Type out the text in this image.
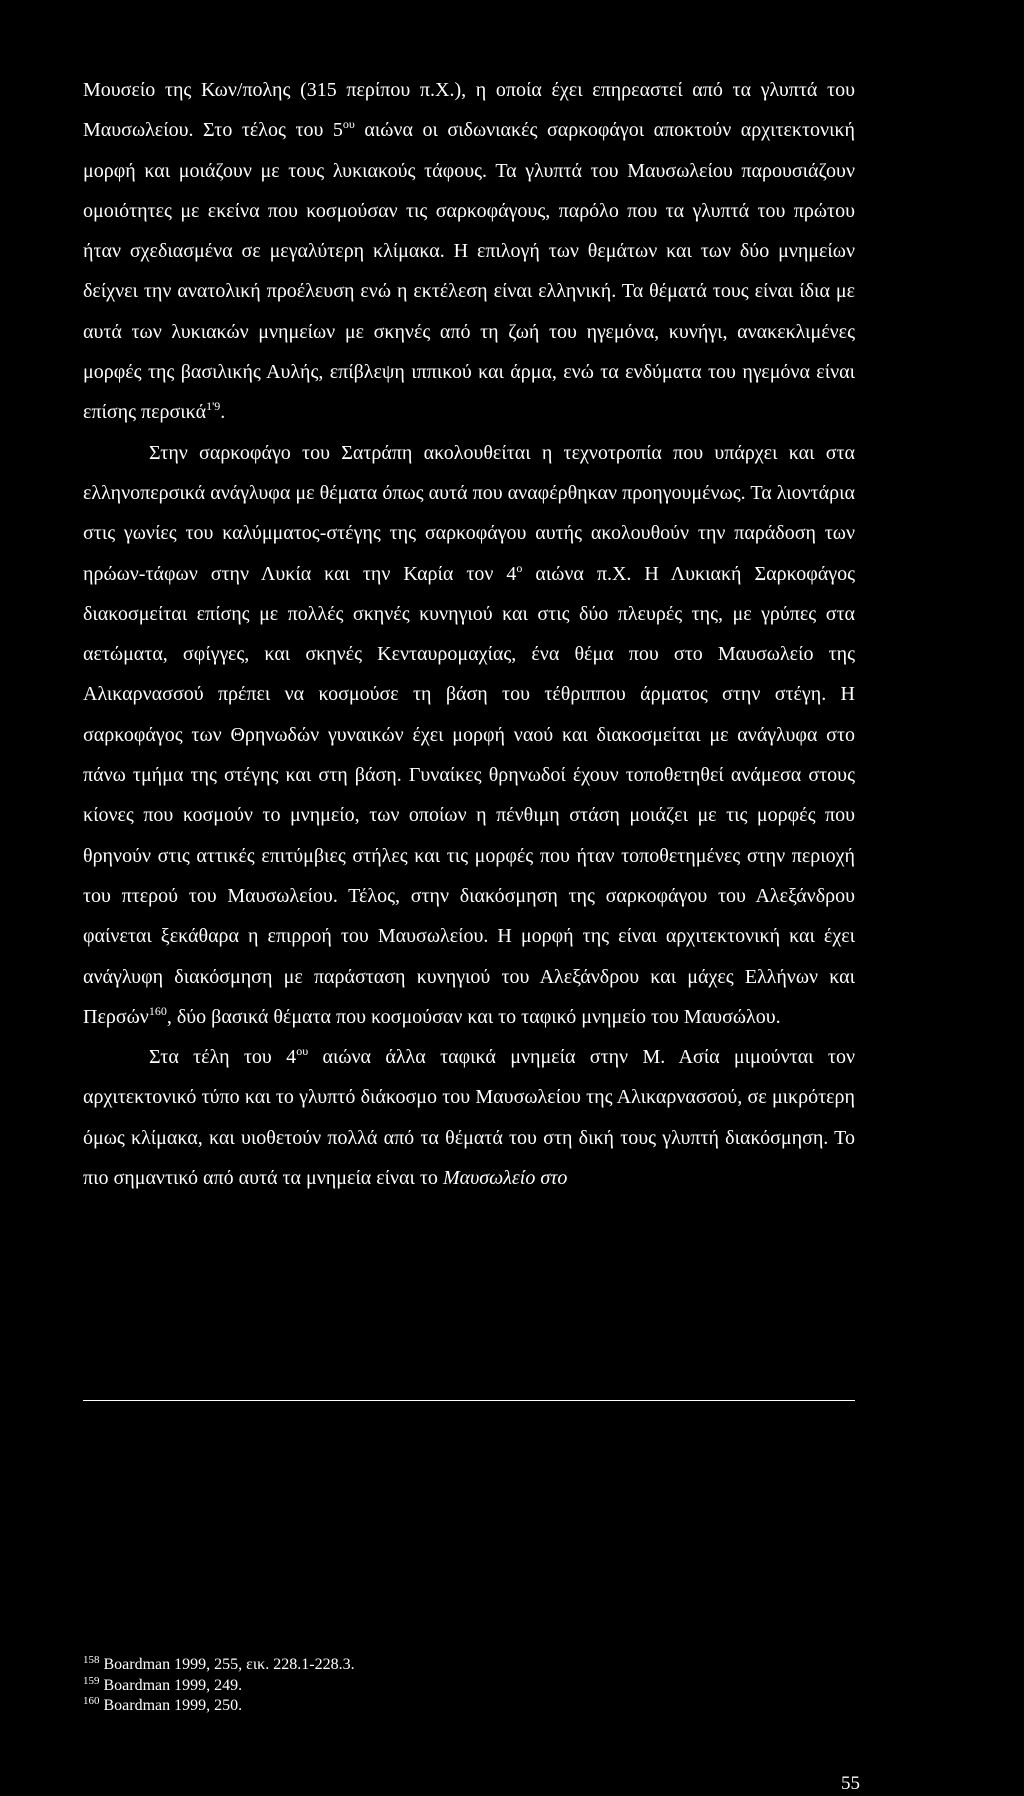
Μουσείο της Κων/πολης (315 περίπου π.Χ.), η οποία έχει επηρεαστεί από τα γλυπτά του Μαυσωλείου. Στο τέλος του $5^{o\upsilon}$ αιώνα οι σιδωνιακές σαρκοφάγοι αποκτούν αρχιτεκτονική μορφή και μοιάζουν με τους λυκιακούς τάφους. Τα γλυπτά του Μαυσωλείου παρουσιάζουν ομοιότητες με εκείνα που κοσμούσαν τις σαρκοφάγους, παρόλο που τα γλυπτά του πρώτου ήταν σχεδιασμένα σε μεγαλύτερη κλίμακα. Η επιλογή των θεμάτων και των δύο μνημείων δείχνει την ανατολική προέλευση ενώ η εκτέλεση είναι ελληνική. Τα θέματά τους είναι ίδια με αυτά των λυκιακών μνημείων με σκηνές από τη ζωή του ηγεμόνα, κυνήγι, ανακεκλιμένες μορφές της βασιλικής Αυλής, επίβλεψη ιππικού και άρμα, ενώ τα ενδύματα του ηγεμόνα είναι επίσης περσικά$^{1'9}$.

Στην σαρκοφάγο του Σατράπη ακολουθείται η τεχνοτροπία που υπάρχει και στα ελληνοπερσικά ανάγλυφα με θέματα όπως αυτά που αναφέρθηκαν προηγουμένως. Τα λιοντάρια στις γωνίες του καλύμματος-στέγης της σαρκοφάγου αυτής ακολουθούν την παράδοση των ηρώων-τάφων στην Λυκία και την Καρία τον $4^o$ αιώνα π.Χ. Η Λυκιακή Σαρκοφάγος διακοσμείται επίσης με πολλές σκηνές κυνηγιού και στις δύο πλευρές της, με γρύπες στα αετώματα, σφίγγες, και σκηνές Κενταυρομαχίας, ένα θέμα που στο Μαυσωλείο της Αλικαρνασσού πρέπει να κοσμούσε τη βάση του τέθριππου άρματος στην στέγη. Η σαρκοφάγος των Θρηνωδών γυναικών έχει μορφή ναού και διακοσμείται με ανάγλυφα στο πάνω τμήμα της στέγης και στη βάση. Γυναίκες θρηνωδοί έχουν τοποθετηθεί ανάμεσα στους κίονες που κοσμούν το μνημείο, των οποίων η πένθιμη στάση μοιάζει με τις μορφές που θρηνούν στις αττικές επιτύμβιες στήλες και τις μορφές που ήταν τοποθετημένες στην περιοχή του πτερού του Μαυσωλείου. Τέλος, στην διακόσμηση της σαρκοφάγου του Αλεξάνδρου φαίνεται ξεκάθαρα η επιρροή του Μαυσωλείου. Η μορφή της είναι αρχιτεκτονική και έχει ανάγλυφη διακόσμηση με παράσταση κυνηγιού του Αλεξάνδρου και μάχες Ελλήνων και Περσών$^{160}$, δύο βασικά θέματα που κοσμούσαν και το ταφικό μνημείο του Μαυσώλου.

Στα τέλη του $4^{o\upsilon}$ αιώνα άλλα ταφικά μνημεία στην Μ. Ασία μιμούνται τον αρχιτεκτονικό τύπο και το γλυπτό διάκοσμο του Μαυσωλείου της Αλικαρνασσού, σε μικρότερη όμως κλίμακα, και υιοθετούν πολλά από τα θέματά του στη δική τους γλυπτή διακόσμηση. Το πιο σημαντικό από αυτά τα μνημεία είναι το Μαυσωλείο στο

$^{158}$ Boardman 1999, 255, εικ. 228.1-228.3.
$^{159}$ Boardman 1999, 249.
$^{160}$ Boardman 1999, 250.
55
